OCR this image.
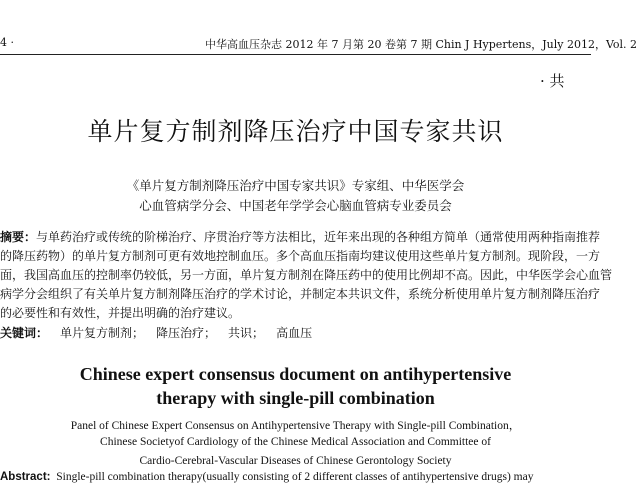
4 ·	中华高血压杂志 2012 年 7 月第 20 卷第 7 期 Chin J Hypertens，July 2012，Vol. 2
· 共
单片复方制剂降压治疗中国专家共识
《单片复方制剂降压治疗中国专家共识》专家组、中华医学会
心血管病学分会、中国老年学学会心脑血管病专业委员会
摘要：与单药治疗或传统的阶梯治疗、序贯治疗等方法相比，近年来出现的各种组方简单（通常使用两种指南推荐
的降压药物）的单片复方制剂可更有效地控制血压。多个高血压指南均建议使用这些单片复方制剂。现阶段，一方
面，我国高血压的控制率仍较低，另一方面，单片复方制剂在降压药中的使用比例却不高。因此，中华医学会心血管
病学分会组织了有关单片复方制剂降压治疗的学术讨论，并制定本共识文件，系统分析使用单片复方制剂降压治疗
的必要性和有效性，并提出明确的治疗建议。
关键词： 单片复方制剂； 降压治疗； 共识； 高血压
Chinese expert consensus document on antihypertensive
therapy with single-pill combination
Panel of Chinese Expert Consensus on Antihypertensive Therapy with Single-pill Combination，
Chinese Societyof Cardiology of the Chinese Medical Association and Committee of
Cardio-Cerebral-Vascular Diseases of Chinese Gerontology Society
Abstract: Single-pill combination therapy(usually consisting of 2 different classes of antihypertensive drugs) may
